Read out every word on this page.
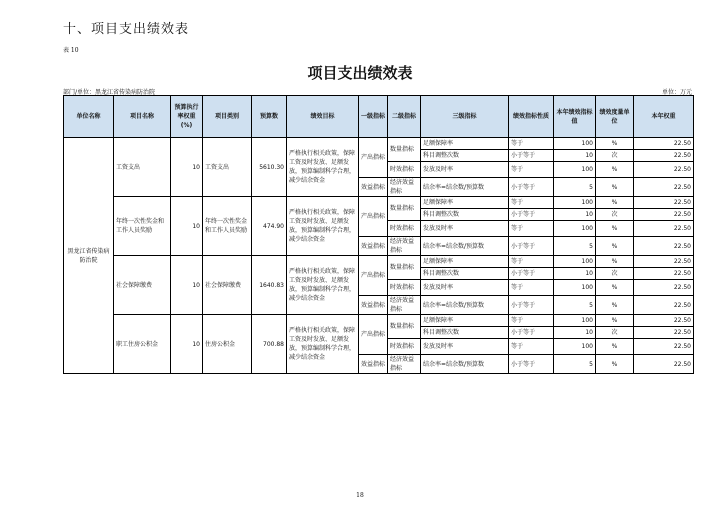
十、项目支出绩效表
表 10
项目支出绩效表
部门/单位：黑龙江省传染病防治院	单位：万元
单位名称	项目名称	预算执行率权重(%)	项目类别	预算数	绩效目标	一级指标	二级指标	三级指标	绩效指标性质	本年绩效指标值	绩效度量单位	本年权重
黑龙江省传染病防治院	工资支出	10	工资支出	5610.30	严格执行相关政策，保障工资及时发放、足额发放，预算编制科学合理，减少结余资金	产出指标	数量指标	足额保障率	等于	100	%	22.50
								科目调整次数	小于等于	10	次	22.50
							时效指标	发放及时率	等于	100	%	22.50
						效益指标	经济效益指标	结余率=结余数/预算数	小于等于	5	%	22.50
	年终一次性奖金和工作人员奖励	10	年终一次性奖金和工作人员奖励	474.90	严格执行相关政策，保障工资及时发放、足额发放，预算编制科学合理，减少结余资金	产出指标	数量指标	足额保障率	等于	100	%	22.50
								科目调整次数	小于等于	10	次	22.50
							时效指标	发放及时率	等于	100	%	22.50
						效益指标	经济效益指标	结余率=结余数/预算数	小于等于	5	%	22.50
	社会保障缴费	10	社会保障缴费	1640.83	严格执行相关政策，保障工资及时发放、足额发放，预算编制科学合理，减少结余资金	产出指标	数量指标	足额保障率	等于	100	%	22.50
								科目调整次数	小于等于	10	次	22.50
							时效指标	发放及时率	等于	100	%	22.50
						效益指标	经济效益指标	结余率=结余数/预算数	小于等于	5	%	22.50
	职工住房公积金	10	住房公积金	700.88	严格执行相关政策，保障工资及时发放、足额发放，预算编制科学合理，减少结余资金	产出指标	数量指标	足额保障率	等于	100	%	22.50
								科目调整次数	小于等于	10	次	22.50
							时效指标	发放及时率	等于	100	%	22.50
						效益指标	经济效益指标	结余率=结余数/预算数	小于等于	5	%	22.50
18
